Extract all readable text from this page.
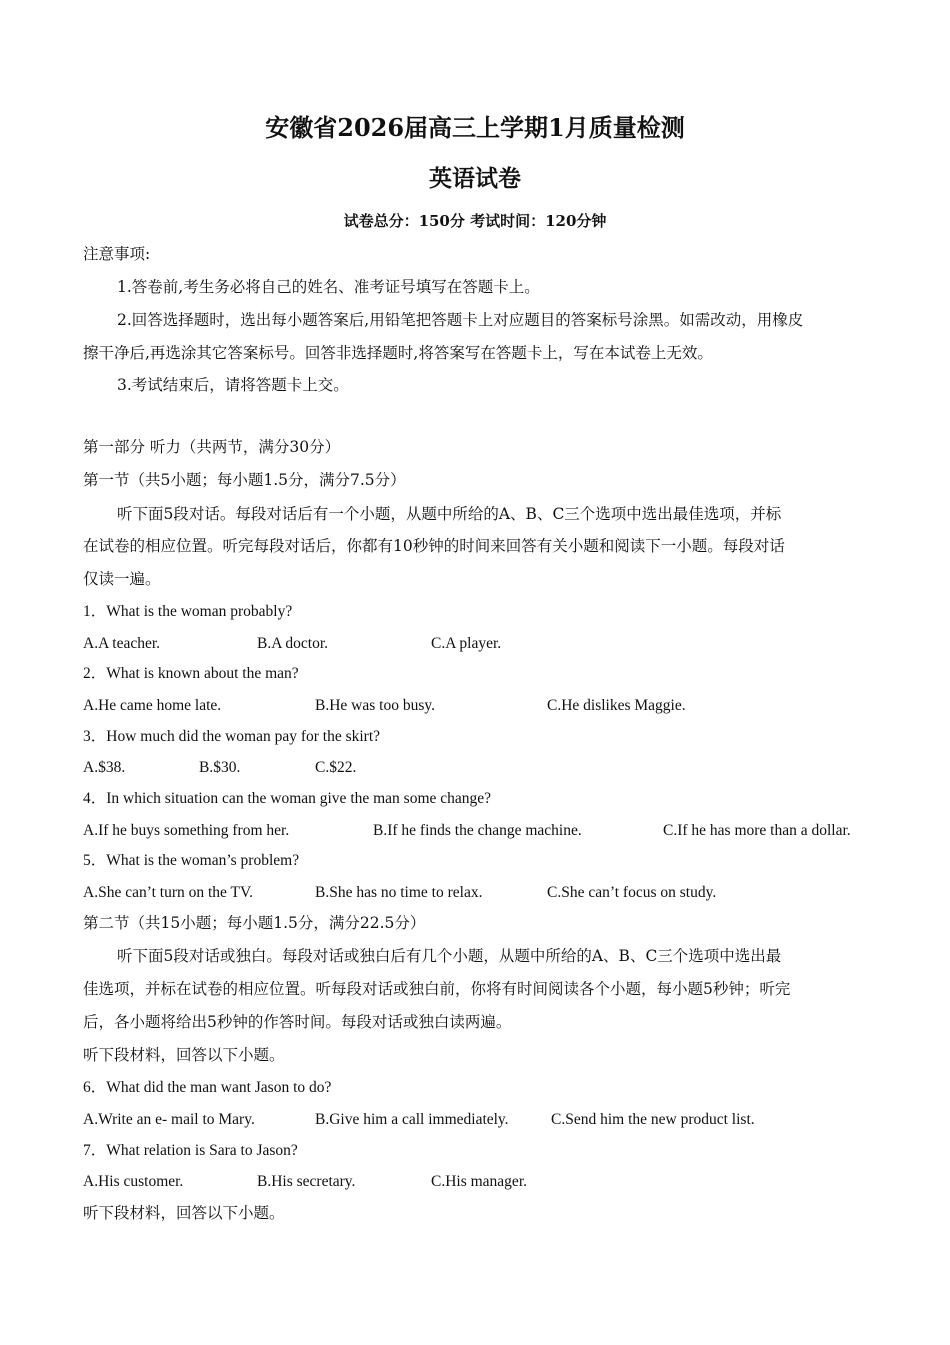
安徽省2026届高三上学期1月质量检测
英语试卷
试卷总分：150分 考试时间：120分钟
注意事项:
1.答卷前,考生务必将自己的姓名、准考证号填写在答题卡上。
2.回答选择题时，选出每小题答案后,用铅笔把答题卡上对应题目的答案标号涂黑。如需改动，用橡皮
擦干净后,再选涂其它答案标号。回答非选择题时,将答案写在答题卡上，写在本试卷上无效。
3.考试结束后，请将答题卡上交。
第一部分 听力（共两节，满分30分）
第一节（共5小题；每小题1.5分，满分7.5分）
听下面5段对话。每段对话后有一个小题，从题中所给的A、B、C三个选项中选出最佳选项，并标
在试卷的相应位置。听完每段对话后，你都有10秒钟的时间来回答有关小题和阅读下一小题。每段对话
仅读一遍。
1．What is the woman probably?
A.A teacher.	B.A doctor.	C.A player.
2．What is known about the man?
A.He came home late.	B.He was too busy.	C.He dislikes Maggie.
3．How much did the woman pay for the skirt?
A.$38.	B.$30.	C.$22.
4．In which situation can the woman give the man some change?
A.If he buys something from her.	B.If he finds the change machine.	C.If he has more than a dollar.
5．What is the woman’s problem?
A.She can’t turn on the TV.	B.She has no time to relax.	C.She can’t focus on study.
第二节（共15小题；每小题1.5分，满分22.5分）
听下面5段对话或独白。每段对话或独白后有几个小题，从题中所给的A、B、C三个选项中选出最
佳选项，并标在试卷的相应位置。听每段对话或独白前，你将有时间阅读各个小题，每小题5秒钟；听完
后，各小题将给出5秒钟的作答时间。每段对话或独白读两遍。
听下段材料，回答以下小题。
6．What did the man want Jason to do?
A.Write an e- mail to Mary.	B.Give him a call immediately.	C.Send him the new product list.
7．What relation is Sara to Jason?
A.His customer.	B.His secretary.	C.His manager.
听下段材料，回答以下小题。
